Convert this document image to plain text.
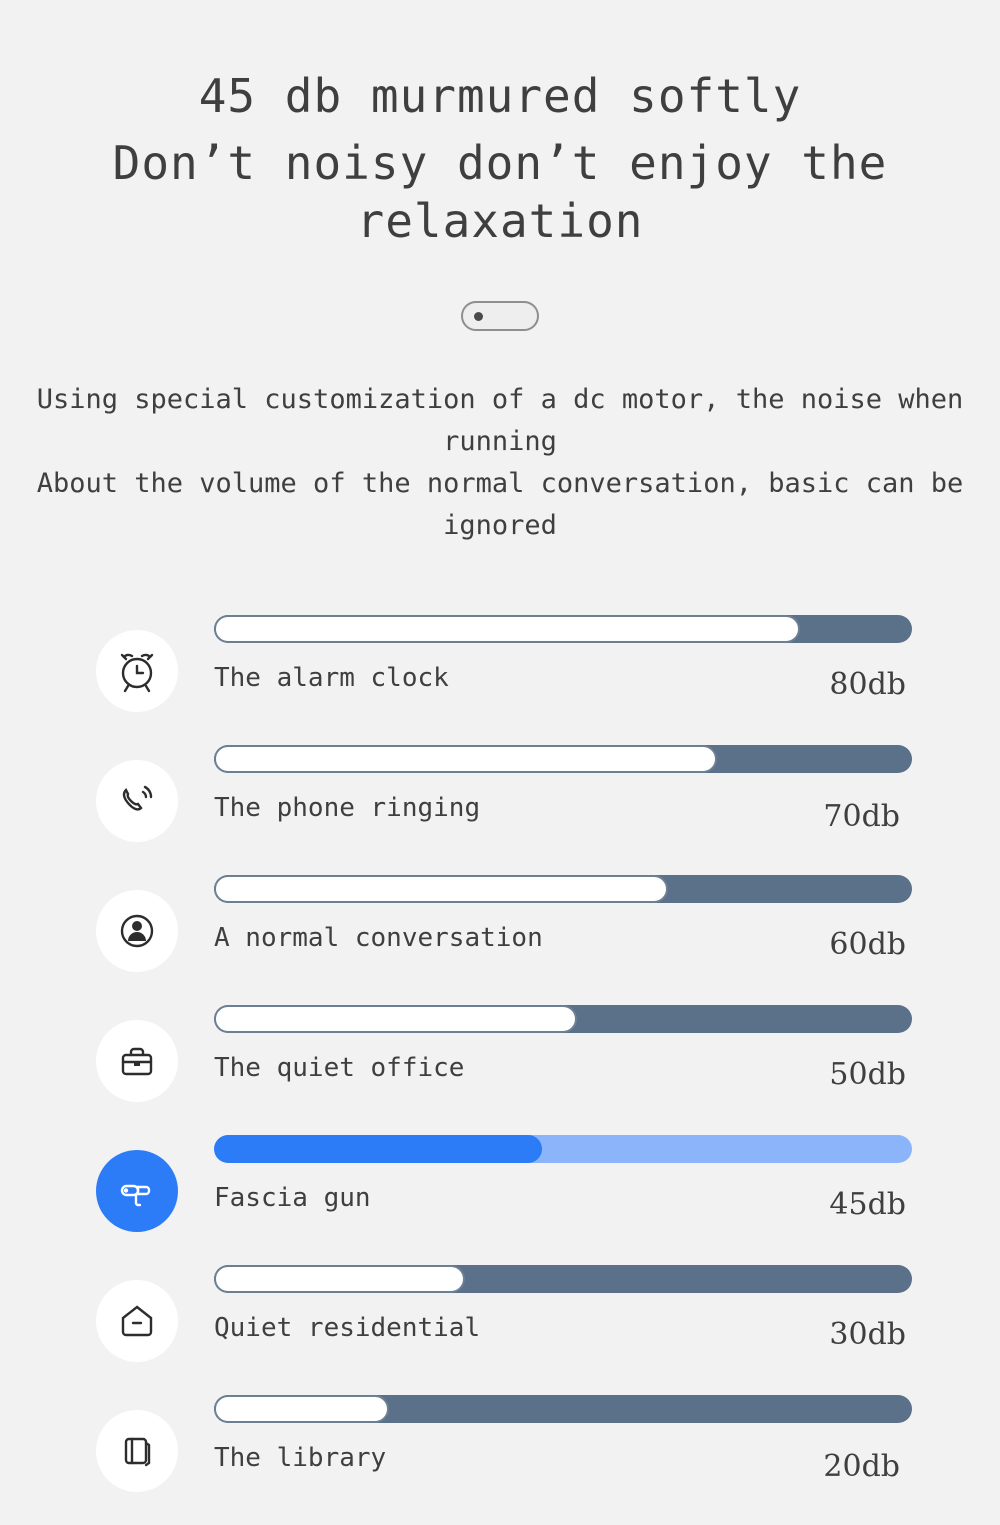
45 db murmured softly
Don’t noisy don’t enjoy the relaxation
Using special customization of a dc motor, the noise when running
About the volume of the normal conversation, basic can be ignored
The alarm clock	80db
The phone ringing	70db
A normal conversation	60db
The quiet office	50db
Fascia gun	45db
Quiet residential	30db
The library	20db
